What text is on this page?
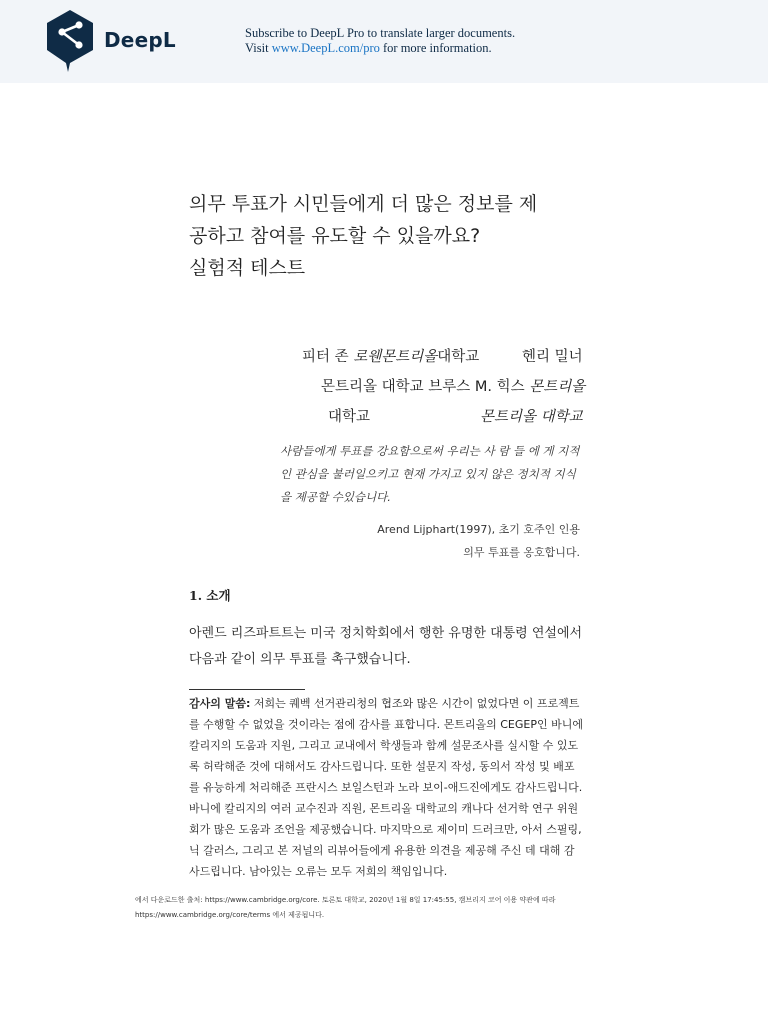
DeepL	Subscribe to DeepL Pro to translate larger documents.
Visit www.DeepL.com/pro for more information.
의무 투표가 시민들에게 더 많은 정보를 제
공하고 참여를 유도할 수 있을까요?
실험적 테스트
피터 존 로웬몬트리올대학교	헨리 밀너
몬트리올 대학교 브루스 M. 힉스 몬트리올
대학교	몬트리올 대학교
사람들에게 투표를 강요함으로써 우리는 사 람 들 에 게 지적인 관심을 불러일으키고 현재 가지고 있지 않은 정치적 지식을 제공할 수있습니다.
Arend Lijphart(1997), 초기 호주인 인용
의무 투표를 옹호합니다.
1. 소개
아렌드 리즈파트트는 미국 정치학회에서 행한 유명한 대통령 연설에서 다음과 같이 의무 투표를 촉구했습니다.
감사의 말씀: 저희는 퀘벡 선거관리청의 협조와 많은 시간이 없었다면 이 프로젝트를 수행할 수 없었을 것이라는 점에 감사를 표합니다. 몬트리올의 CEGEP인 바니에 칼리지의 도움과 지원, 그리고 교내에서 학생들과 함께 설문조사를 실시할 수 있도록 허락해준 것에 대해서도 감사드립니다. 또한 설문지 작성, 동의서 작성 및 배포를 유능하게 처리해준 프란시스 보일스턴과 노라 보이-애드진에게도 감사드립니다. 바니에 칼리지의 여러 교수진과 직원, 몬트리올 대학교의 캐나다 선거학 연구 위원회가 많은 도움과 조언을 제공했습니다. 마지막으로 제이미 드러크만, 아서 스필링, 닉 갈러스, 그리고 본 저널의 리뷰어들에게 유용한 의견을 제공해 주신 데 대해 감사드립니다. 남아있는 오류는 모두 저희의 책임입니다.
에서 다운로드한 출처: https://www.cambridge.org/core. 토론토 대학교, 2020년 1월 8일 17:45:55, 캠브리지 코어 이용 약관에 따라
https://www.cambridge.org/core/terms 에서 제공됩니다.
